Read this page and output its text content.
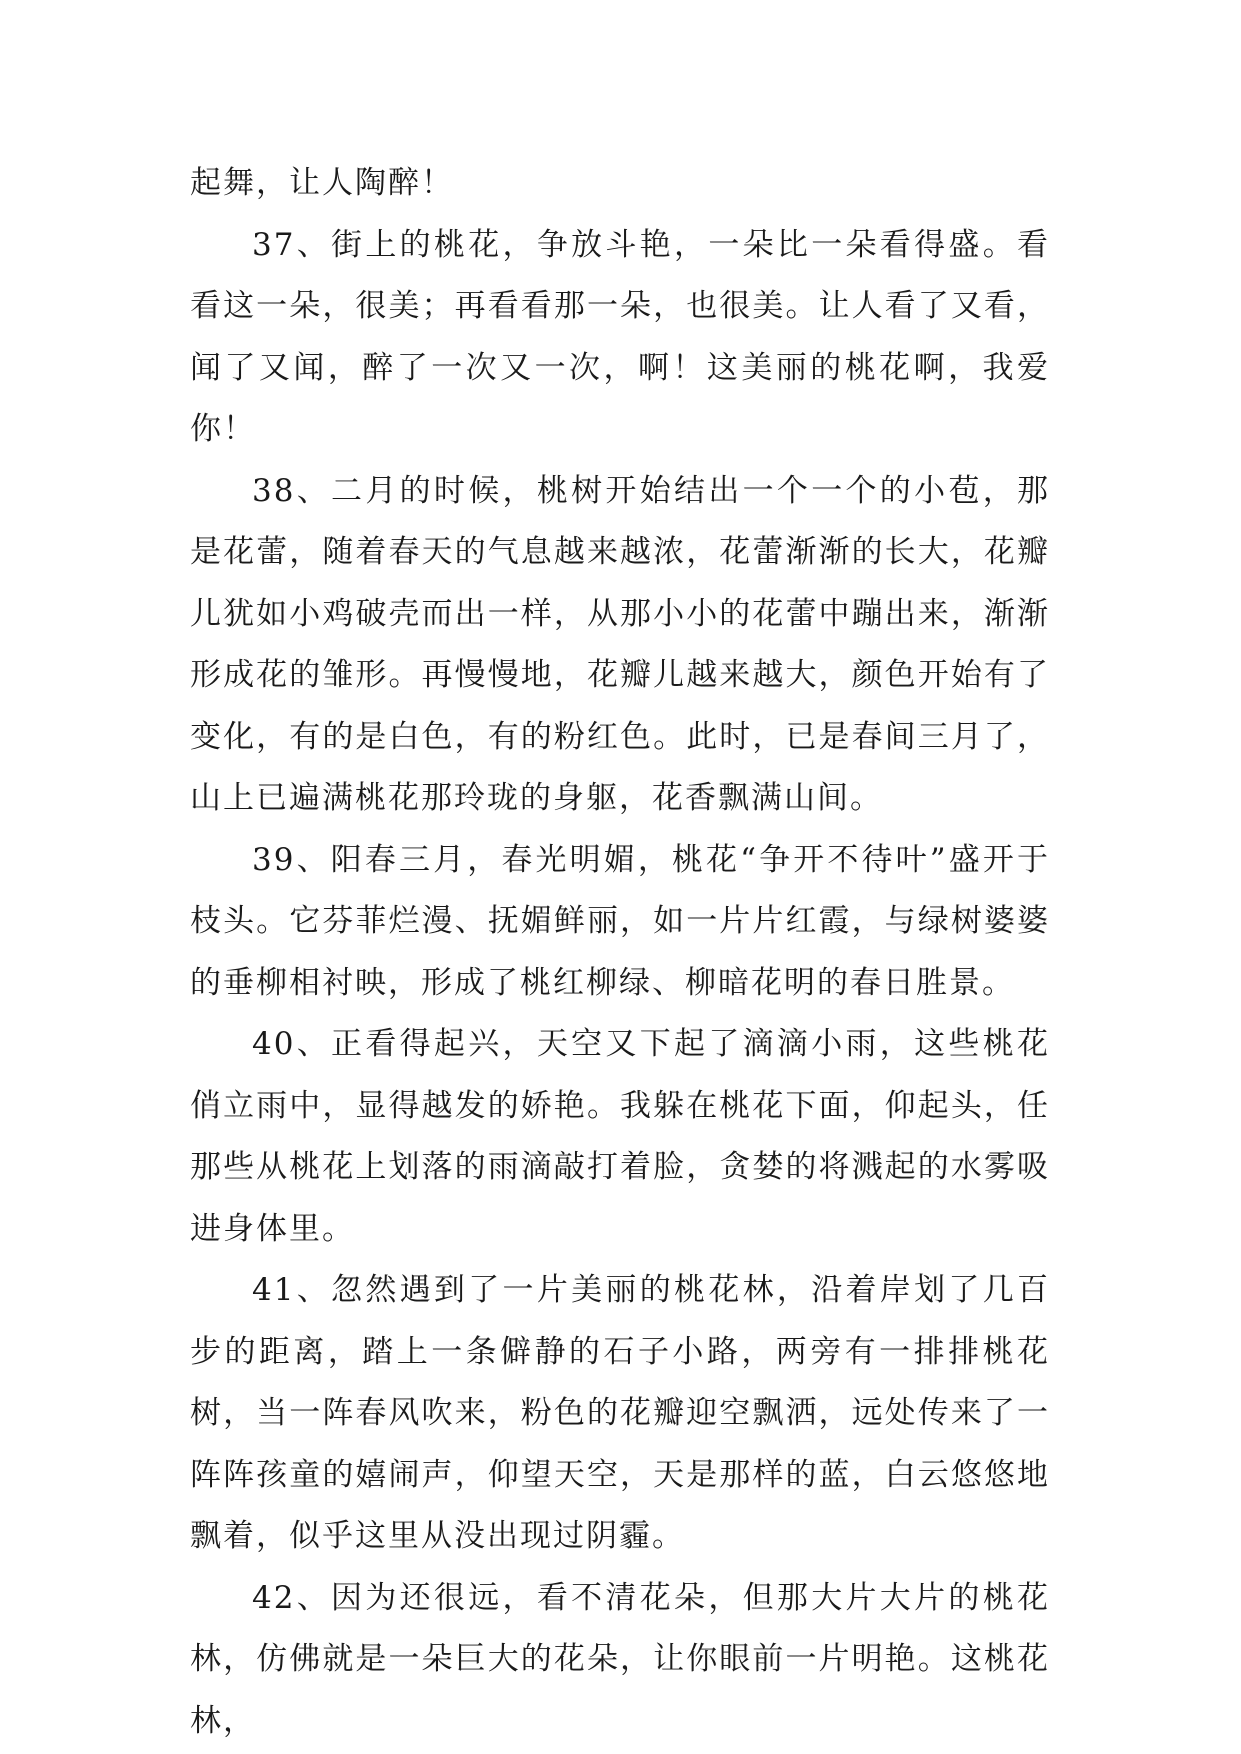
起舞，让人陶醉！

37、街上的桃花，争放斗艳，一朵比一朵看得盛。看看这一朵，很美；再看看那一朵，也很美。让人看了又看，闻了又闻，醉了一次又一次，啊！这美丽的桃花啊，我爱你！

38、二月的时候，桃树开始结出一个一个的小苞，那是花蕾，随着春天的气息越来越浓，花蕾渐渐的长大，花瓣儿犹如小鸡破壳而出一样，从那小小的花蕾中蹦出来，渐渐形成花的雏形。再慢慢地，花瓣儿越来越大，颜色开始有了变化，有的是白色，有的粉红色。此时，已是春间三月了，山上已遍满桃花那玲珑的身躯，花香飘满山间。

39、阳春三月，春光明媚，桃花“争开不待叶”盛开于枝头。它芬菲烂漫、抚媚鲜丽，如一片片红霞，与绿树婆婆的垂柳相衬映，形成了桃红柳绿、柳暗花明的春日胜景。

40、正看得起兴，天空又下起了滴滴小雨，这些桃花俏立雨中，显得越发的娇艳。我躲在桃花下面，仰起头，任那些从桃花上划落的雨滴敲打着脸，贪婪的将溅起的水雾吸进身体里。

41、忽然遇到了一片美丽的桃花林，沿着岸划了几百步的距离，踏上一条僻静的石子小路，两旁有一排排桃花树，当一阵春风吹来，粉色的花瓣迎空飘洒，远处传来了一阵阵孩童的嬉闹声，仰望天空，天是那样的蓝，白云悠悠地飘着，似乎这里从没出现过阴霾。

42、因为还很远，看不清花朵，但那大片大片的桃花林，仿佛就是一朵巨大的花朵，让你眼前一片明艳。这桃花林，
